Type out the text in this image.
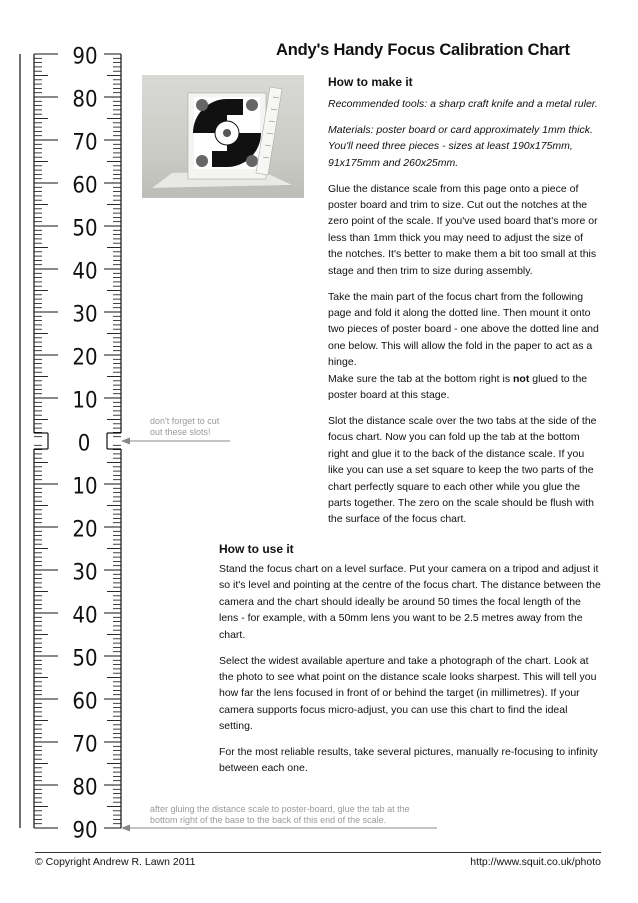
90
80
70
60
50
40
30
20
10
0
10
20
30
40
50
60
70
80
90
Andy's Handy Focus Calibration Chart
How to make it

Recommended tools: a sharp craft knife and a metal ruler.

Materials: poster board or card approximately 1mm thick. You'll need three pieces - sizes at least 190x175mm, 91x175mm and 260x25mm.

Glue the distance scale from this page onto a piece of poster board and trim to size. Cut out the notches at the zero point of the scale. If you've used board that's more or less than 1mm thick you may need to adjust the size of the notches. It's better to make them a bit too small at this stage and then trim to size during assembly.

Take the main part of the focus chart from the following page and fold it along the dotted line. Then mount it onto two pieces of poster board - one above the dotted line and one below. This will allow the fold in the paper to act as a hinge.

Make sure the tab at the bottom right is not glued to the poster board at this stage.

Slot the distance scale over the two tabs at the side of the focus chart. Now you can fold up the tab at the bottom right and glue it to the back of the distance scale. If you like you can use a set square to keep the two parts of the chart perfectly square to each other while you glue the parts together. The zero on the scale should be flush with the surface of the focus chart.

How to use it

Stand the focus chart on a level surface. Put your camera on a tripod and adjust it so it's level and pointing at the centre of the focus chart. The distance between the camera and the chart should ideally be around 50 times the focal length of the lens - for example, with a 50mm lens you want to be 2.5 metres away from the chart.

Select the widest available aperture and take a photograph of the chart. Look at the photo to see what point on the distance scale looks sharpest. This will tell you how far the lens focused in front of or behind the target (in millimetres). If your camera supports focus micro-adjust, you can use this chart to find the ideal setting.

For the most reliable results, take several pictures, manually re-focusing to infinity between each one.

don't forget to cut
out these slots!
after gluing the distance scale to poster-board, glue the tab at the
bottom right of the base to the back of this end of the scale.
© Copyright Andrew R. Lawn 2011	http://www.squit.co.uk/photo
